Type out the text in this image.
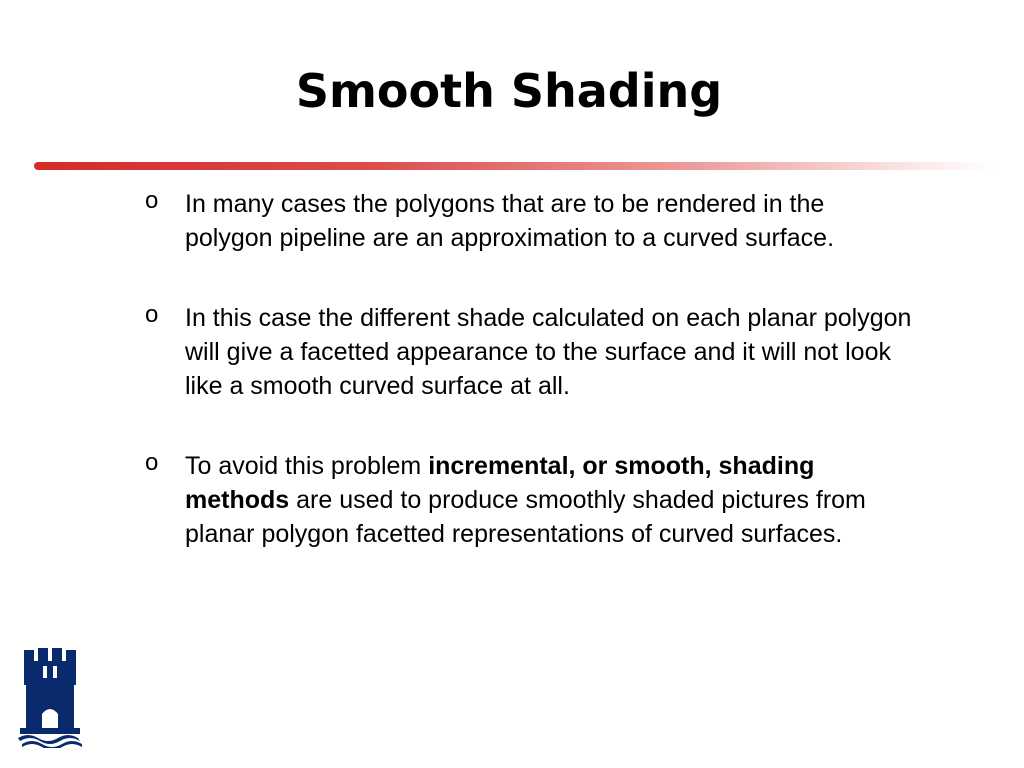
Smooth Shading
o In many cases the polygons that are to be rendered in the polygon pipeline are an approximation to a curved surface.
o In this case the different shade calculated on each planar polygon will give a facetted appearance to the surface and it will not look like a smooth curved surface at all.
o To avoid this problem incremental, or smooth, shading methods are used to produce smoothly shaded pictures from planar polygon facetted representations of curved surfaces.
